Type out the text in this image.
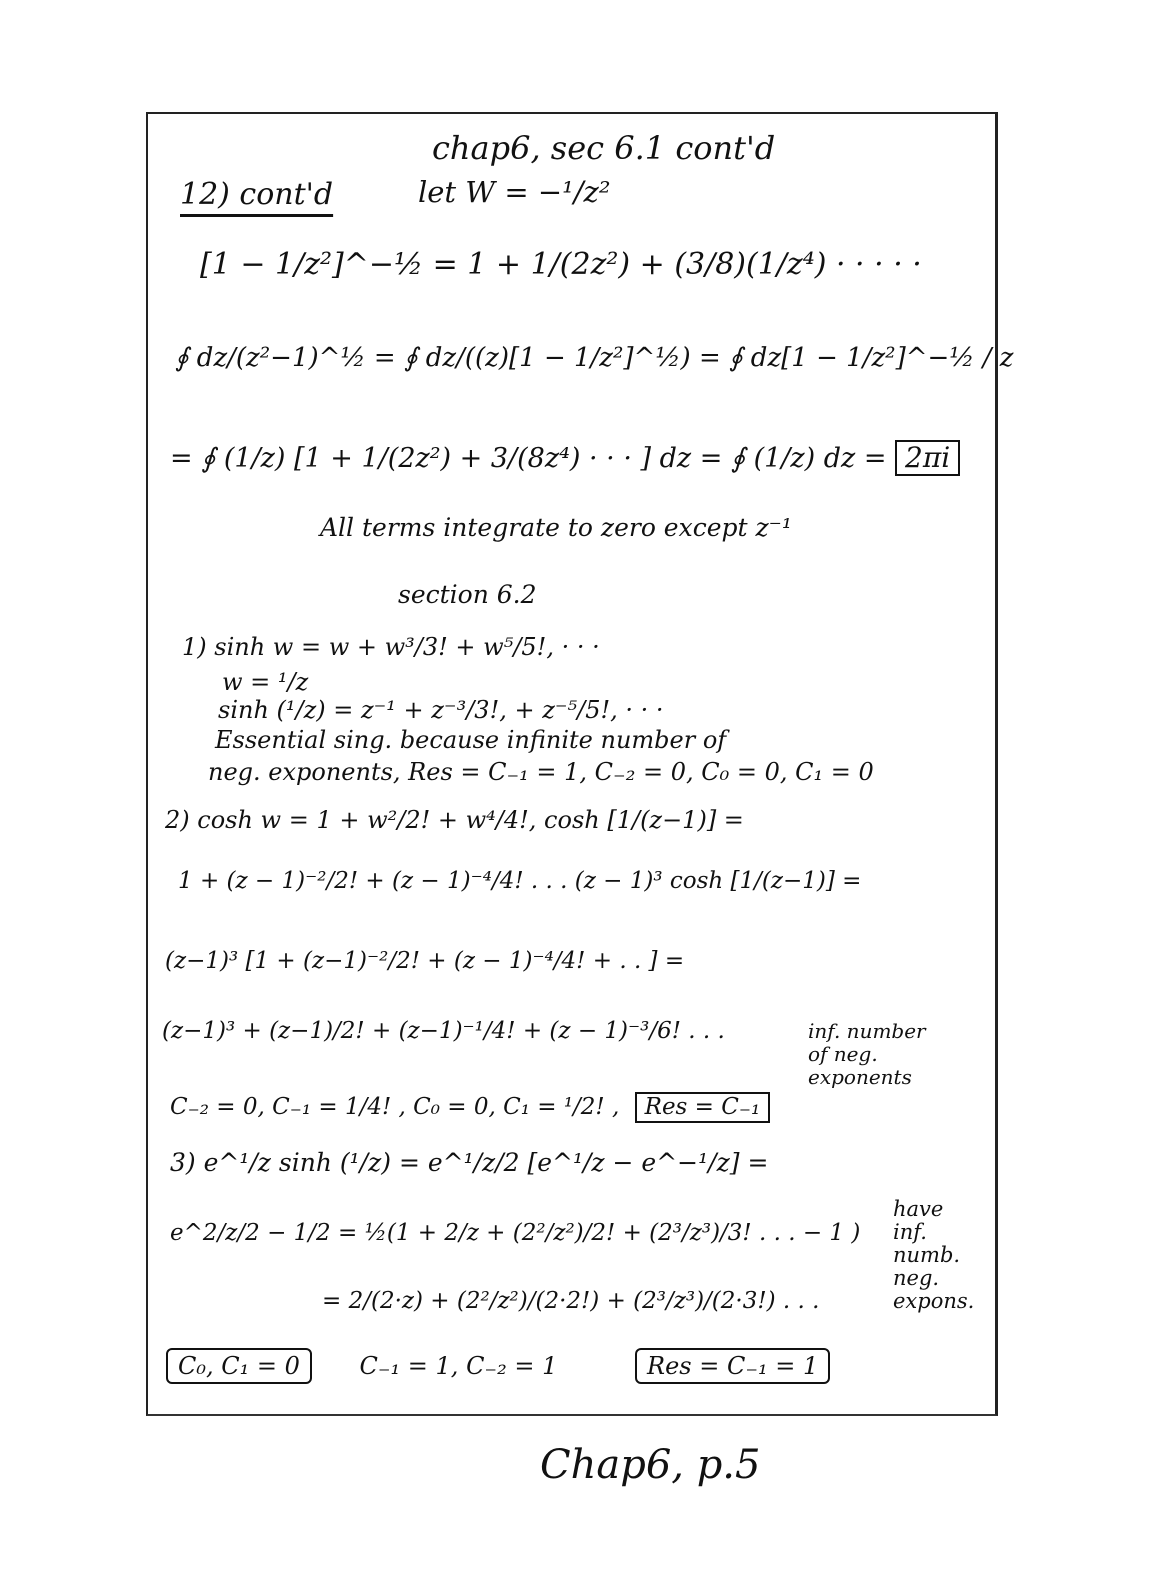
chap6, sec 6.1 cont'd
12) cont'd	let W = −¹/z²
[1 − 1/z²]^−½ = 1 + 1/(2z²) + (3/8)(1/z⁴) · · · · ·
∮ dz/(z²−1)^½ = ∮ dz/((z)[1 − 1/z²]^½) = ∮ dz[1 − 1/z²]^−½ / z
= ∮ (1/z) [1 + 1/(2z²) + 3/(8z⁴) · · · ] dz = ∮ (1/z) dz = 2πi
All terms integrate to zero except z⁻¹
section 6.2
1) sinh w = w + w³/3! + w⁵/5!, · · ·
w = ¹/z
sinh (¹/z) = z⁻¹ + z⁻³/3!, + z⁻⁵/5!, · · ·
Essential sing. because infinite number of
neg. exponents, Res = C₋₁ = 1, C₋₂ = 0, C₀ = 0, C₁ = 0
2) cosh w = 1 + w²/2! + w⁴/4!, cosh [1/(z−1)] =
1 + (z − 1)⁻²/2! + (z − 1)⁻⁴/4! . . . (z − 1)³ cosh [1/(z−1)] =
(z−1)³ [1 + (z−1)⁻²/2! + (z − 1)⁻⁴/4! + . . ] =
(z−1)³ + (z−1)/2! + (z−1)⁻¹/4! + (z − 1)⁻³/6! . . .	inf. number
of neg.
exponents
C₋₂ = 0, C₋₁ = 1/4! , C₀ = 0, C₁ = ¹/2! , Res = C₋₁
3) e^¹/z sinh (¹/z) = e^¹/z/2 [e^¹/z − e^−¹/z] =
e^2/z/2 − 1/2 = ½(1 + 2/z + (2²/z²)/2! + (2³/z³)/3! . . . − 1 )
have
inf.
numb.
neg.
expons.
= 2/(2·z) + (2²/z²)/(2·2!) + (2³/z³)/(2·3!) . . .
C₀, C₁ = 0 C₋₁ = 1, C₋₂ = 1	Res = C₋₁ = 1
Chap6, p.5
